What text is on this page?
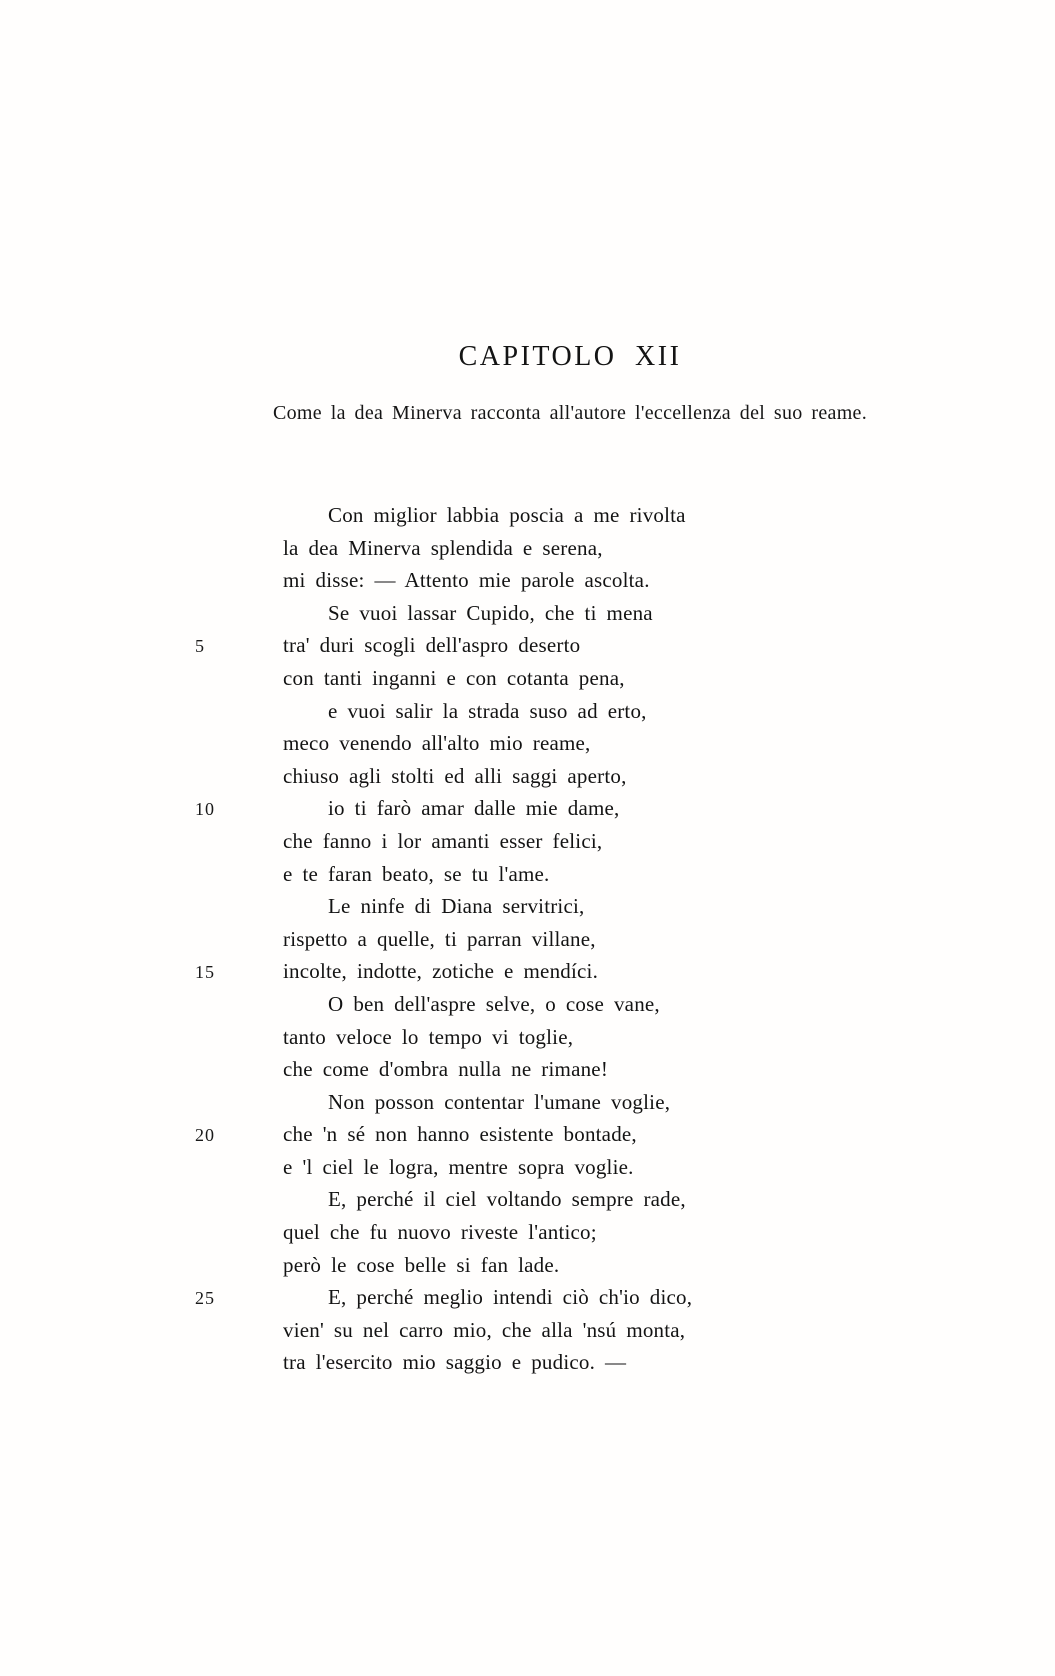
CAPITOLO XII
Come la dea Minerva racconta all'autore l'eccellenza del suo reame.
Con miglior labbia poscia a me rivolta
la dea Minerva splendida e serena,
mi disse: — Attento mie parole ascolta.
Se vuoi lassar Cupido, che ti mena
5	tra' duri scogli dell'aspro deserto
con tanti inganni e con cotanta pena,
e vuoi salir la strada suso ad erto,
meco venendo all'alto mio reame,
chiuso agli stolti ed alli saggi aperto,
10	io ti farò amar dalle mie dame,
che fanno i lor amanti esser felici,
e te faran beato, se tu l'ame.
Le ninfe di Diana servitrici,
rispetto a quelle, ti parran villane,
15	incolte, indotte, zotiche e mendíci.
O ben dell'aspre selve, o cose vane,
tanto veloce lo tempo vi toglie,
che come d'ombra nulla ne rimane!
Non posson contentar l'umane voglie,
20	che 'n sé non hanno esistente bontade,
e 'l ciel le logra, mentre sopra voglie.
E, perché il ciel voltando sempre rade,
quel che fu nuovo riveste l'antico;
però le cose belle si fan lade.
25	E, perché meglio intendi ciò ch'io dico,
vien' su nel carro mio, che alla 'nsú monta,
tra l'esercito mio saggio e pudico. —
